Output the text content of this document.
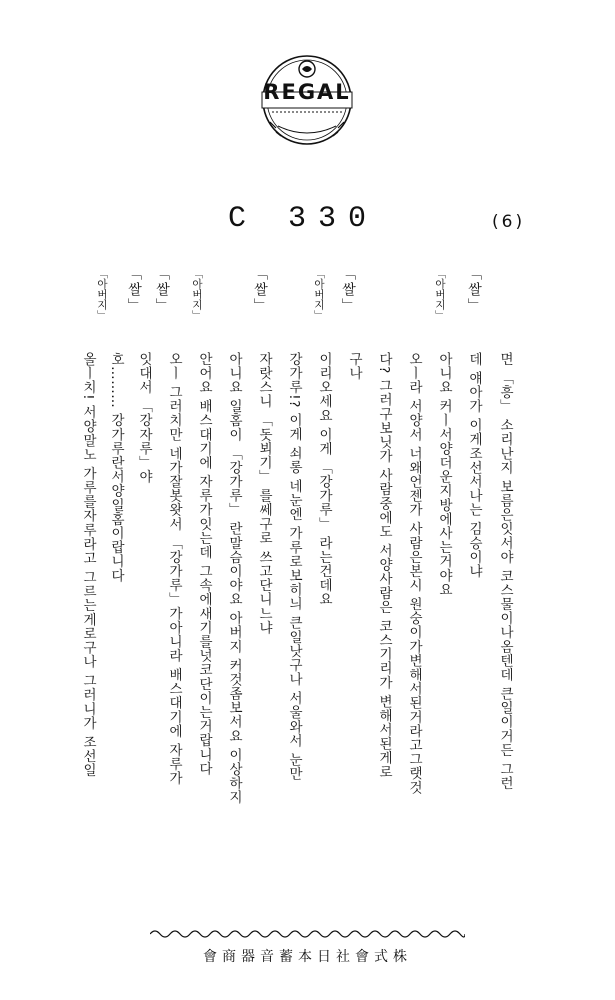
REGAL
C 330	(6)
「아버지」 「쌀」
「아버지」 「쌀」
「쌀」
「아버지」
「쌀」
「아버지」
면 「흥」 소리난지 보름은잇서야 코스물이나옴텐데 큰일이거든 그런
데 얘아가 이게조선서나는 김승이냐
아니요 커ㅣ서양더운지방에사는거야요
오ㅣ라 서양서 너왜언젠가 사람은본시 원숭이가변해서된거라고그랫것
다? 그러구보닛가 사람중에도 서양사람은 코스기리가 변해서된게로
구나
이리오세요 이게 「강가루」 라는건데요
강가루!? 이게 쇠롱 네눈엔 가루로보히늬 큰일낫구나 서울와서 눈만
자랏스니 「돗뵈기」 를쎄구로 쓰고단니느냐
아니요 일홈이 「강가루」 란말슴이야요 아버지 커것좀보서요 이상하지
안어요 배스대기에 자루가잇는데 그속에새기를넛코단이는거랍니다
오ㅣ 그러치만 네가잘봇왓서 「강가루」가아니라 배스대기에 자루가
잇대서 「강자루」야
호……… 강가루란서양일홈이랍니다
올ㅣ치! 서양말노 가루를자루라고 그르는게로구나 그러니가 조선일
會商器音蓄本日社會式株
「쌀」
